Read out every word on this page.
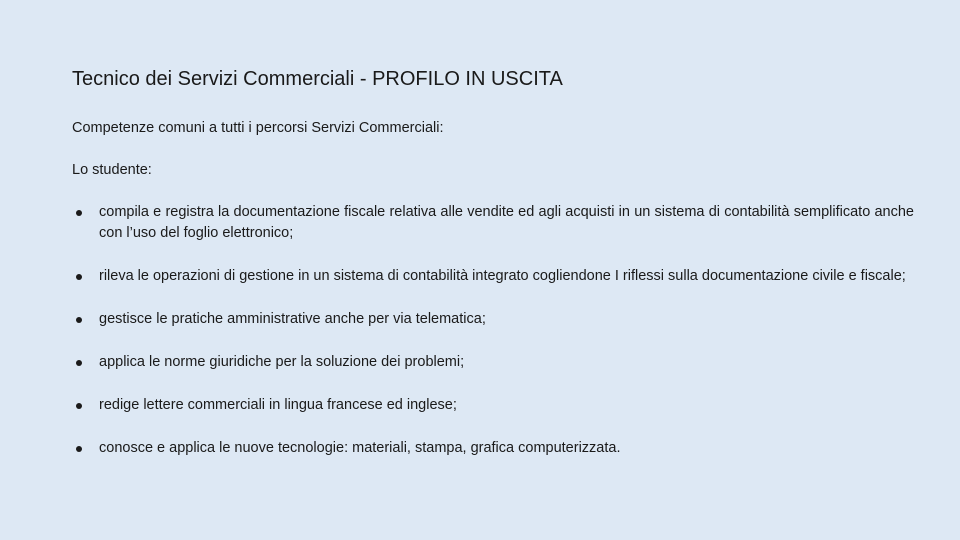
Tecnico dei Servizi Commerciali - PROFILO IN USCITA

Competenze comuni a tutti i percorsi Servizi Commerciali:

Lo studente:

compila e registra la documentazione fiscale relativa alle vendite ed agli acquisti in un sistema di contabilità semplificato anche con l’uso del foglio elettronico;
rileva le operazioni di gestione in un sistema di contabilità integrato cogliendone I riflessi sulla documentazione civile e fiscale;
gestisce le pratiche amministrative anche per via telematica;
applica le norme giuridiche per la soluzione dei problemi;
redige lettere commerciali in lingua francese ed inglese;
conosce e applica le nuove tecnologie: materiali, stampa, grafica computerizzata.
